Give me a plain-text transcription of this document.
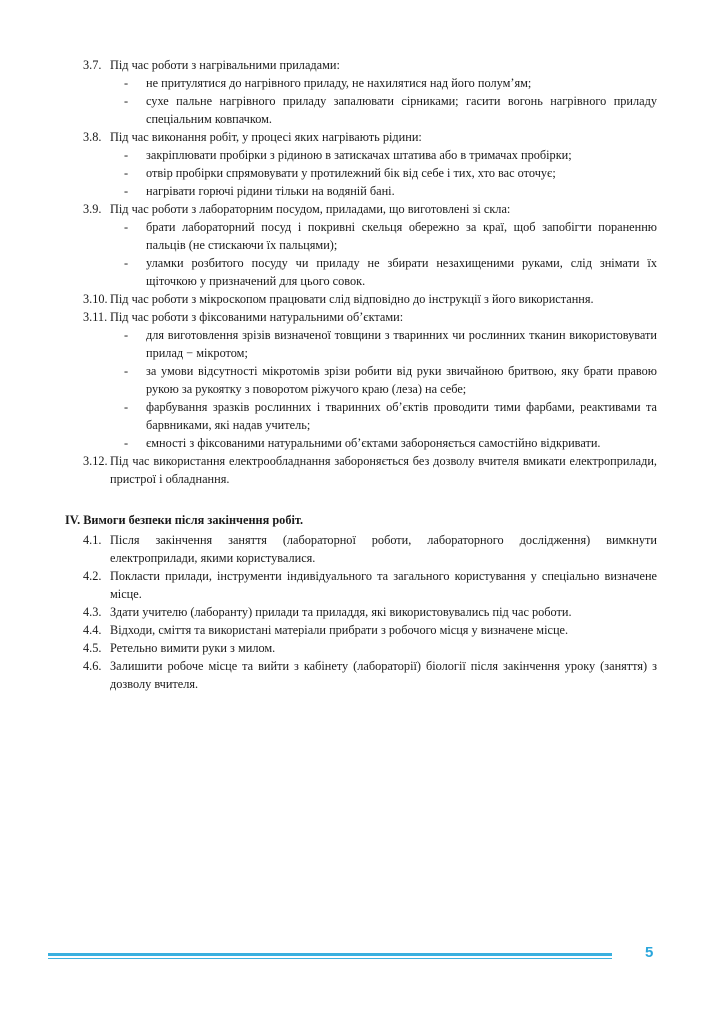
3.7. Під час роботи з нагрівальними приладами:
- не притулятися до нагрівного приладу, не нахилятися над його полум’ям;
- сухе пальне нагрівного приладу запалювати сірниками; гасити вогонь нагрівного приладу спеціальним ковпачком.
3.8. Під час виконання робіт, у процесі яких нагрівають рідини:
- закріплювати пробірки з рідиною в затискачах штатива або в тримачах пробірки;
- отвір пробірки спрямовувати у протилежний бік від себе і тих, хто вас оточує;
- нагрівати горючі рідини тільки на водяній бані.
3.9. Під час роботи з лабораторним посудом, приладами, що виготовлені зі скла:
- брати лабораторний посуд і покривні скельця обережно за краї, щоб запобігти пораненню пальців (не стискаючи їх пальцями);
- уламки розбитого посуду чи приладу не збирати незахищеними руками, слід знімати їх щіточкою у призначений для цього совок.
3.10. Під час роботи з мікроскопом працювати слід відповідно до інструкції з його використання.
3.11. Під час роботи з фіксованими натуральними об’єктами:
- для виготовлення зрізів визначеної товщини з тваринних чи рослинних тканин використовувати прилад − мікротом;
- за умови відсутності мікротомів зрізи робити від руки звичайною бритвою, яку брати правою рукою за рукоятку з поворотом ріжучого краю (леза) на себе;
- фарбування зразків рослинних і тваринних об’єктів проводити тими фарбами, реактивами та барвниками, які надав учитель;
- ємності з фіксованими натуральними об’єктами забороняється самостійно відкривати.
3.12. Під час використання електрообладнання забороняється без дозволу вчителя вмикати електроприлади, пристрої і обладнання.
IV. Вимоги безпеки після закінчення робіт.
4.1. Після закінчення заняття (лабораторної роботи, лабораторного дослідження) вимкнути електроприлади, якими користувалися.
4.2. Покласти прилади, інструменти індивідуального та загального користування у спеціально визначене місце.
4.3. Здати учителю (лаборанту) прилади та приладдя, які використовувались під час роботи.
4.4. Відходи, сміття та використані матеріали прибрати з робочого місця у визначене місце.
4.5. Ретельно вимити руки з милом.
4.6. Залишити робоче місце та вийти з кабінету (лабораторії) біології після закінчення уроку (заняття) з дозволу вчителя.
5
